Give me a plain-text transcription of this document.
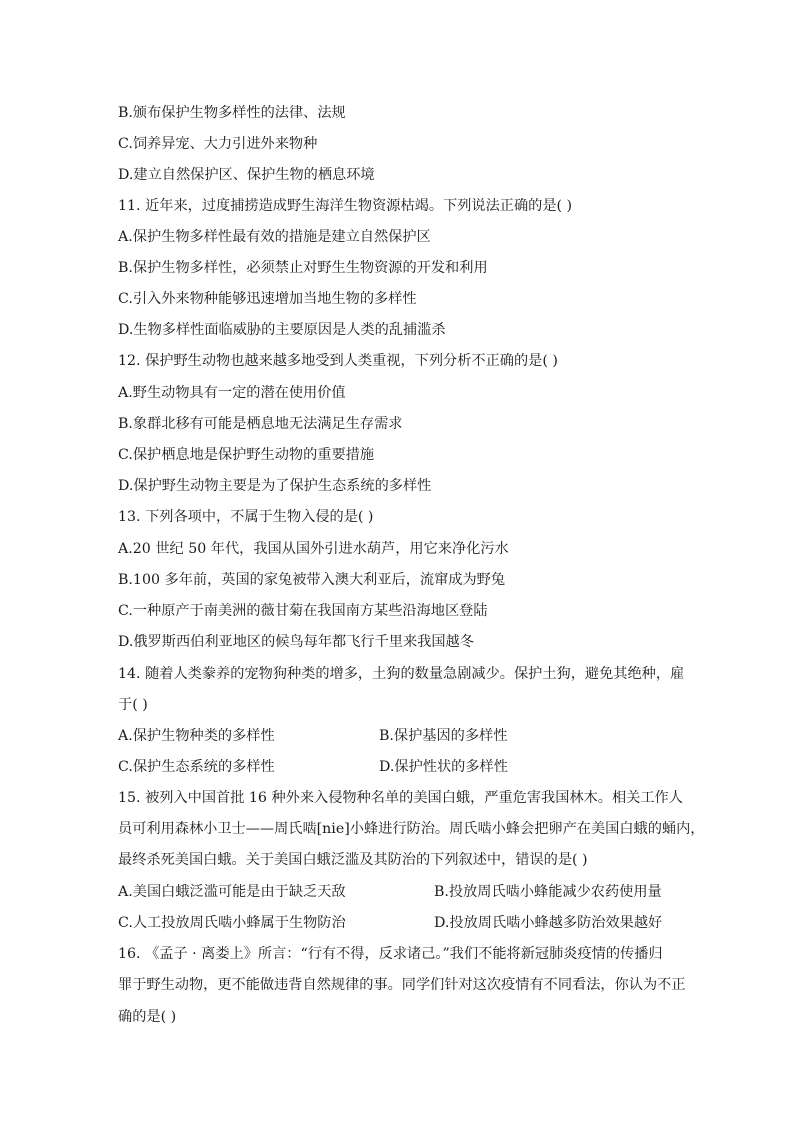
B.颁布保护生物多样性的法律、法规
C.饲养异宠、大力引进外来物种
D.建立自然保护区、保护生物的栖息环境
11. 近年来，过度捕捞造成野生海洋生物资源枯竭。下列说法正确的是( )
A.保护生物多样性最有效的措施是建立自然保护区
B.保护生物多样性，必须禁止对野生生物资源的开发和利用
C.引入外来物种能够迅速增加当地生物的多样性
D.生物多样性面临威胁的主要原因是人类的乱捕滥杀
12. 保护野生动物也越来越多地受到人类重视，下列分析不正确的是( )
A.野生动物具有一定的潜在使用价值
B.象群北移有可能是栖息地无法满足生存需求
C.保护栖息地是保护野生动物的重要措施
D.保护野生动物主要是为了保护生态系统的多样性
13. 下列各项中，不属于生物入侵的是( )
A.20 世纪 50 年代，我国从国外引进水葫芦，用它来净化污水
B.100 多年前，英国的家兔被带入澳大利亚后，流窜成为野兔
C.一种原产于南美洲的薇甘菊在我国南方某些沿海地区登陆
D.俄罗斯西伯利亚地区的候鸟每年都飞行千里来我国越冬
14. 随着人类豢养的宠物狗种类的增多，土狗的数量急剧减少。保护土狗，避免其绝种，雇
于( )
A.保护生物种类的多样性	B.保护基因的多样性
C.保护生态系统的多样性	D.保护性状的多样性
15. 被列入中国首批 16 种外来入侵物种名单的美国白蛾，严重危害我国林木。相关工作人
员可利用森林小卫士——周氏啮[nie]小蜂进行防治。周氏啮小蜂会把卵产在美国白蛾的蛹内，
最终杀死美国白蛾。关于美国白蛾泛滥及其防治的下列叙述中，错误的是( )
A.美国白蛾泛滥可能是由于缺乏天敌	B.投放周氏啮小蜂能减少农药使用量
C.人工投放周氏啮小蜂属于生物防治	D.投放周氏啮小蜂越多防治效果越好
16. 《孟子 · 离娄上》所言：“行有不得，反求诸己。”我们不能将新冠肺炎疫情的传播归
罪于野生动物，更不能做违背自然规律的事。同学们针对这次疫情有不同看法，你认为不正
确的是( )
